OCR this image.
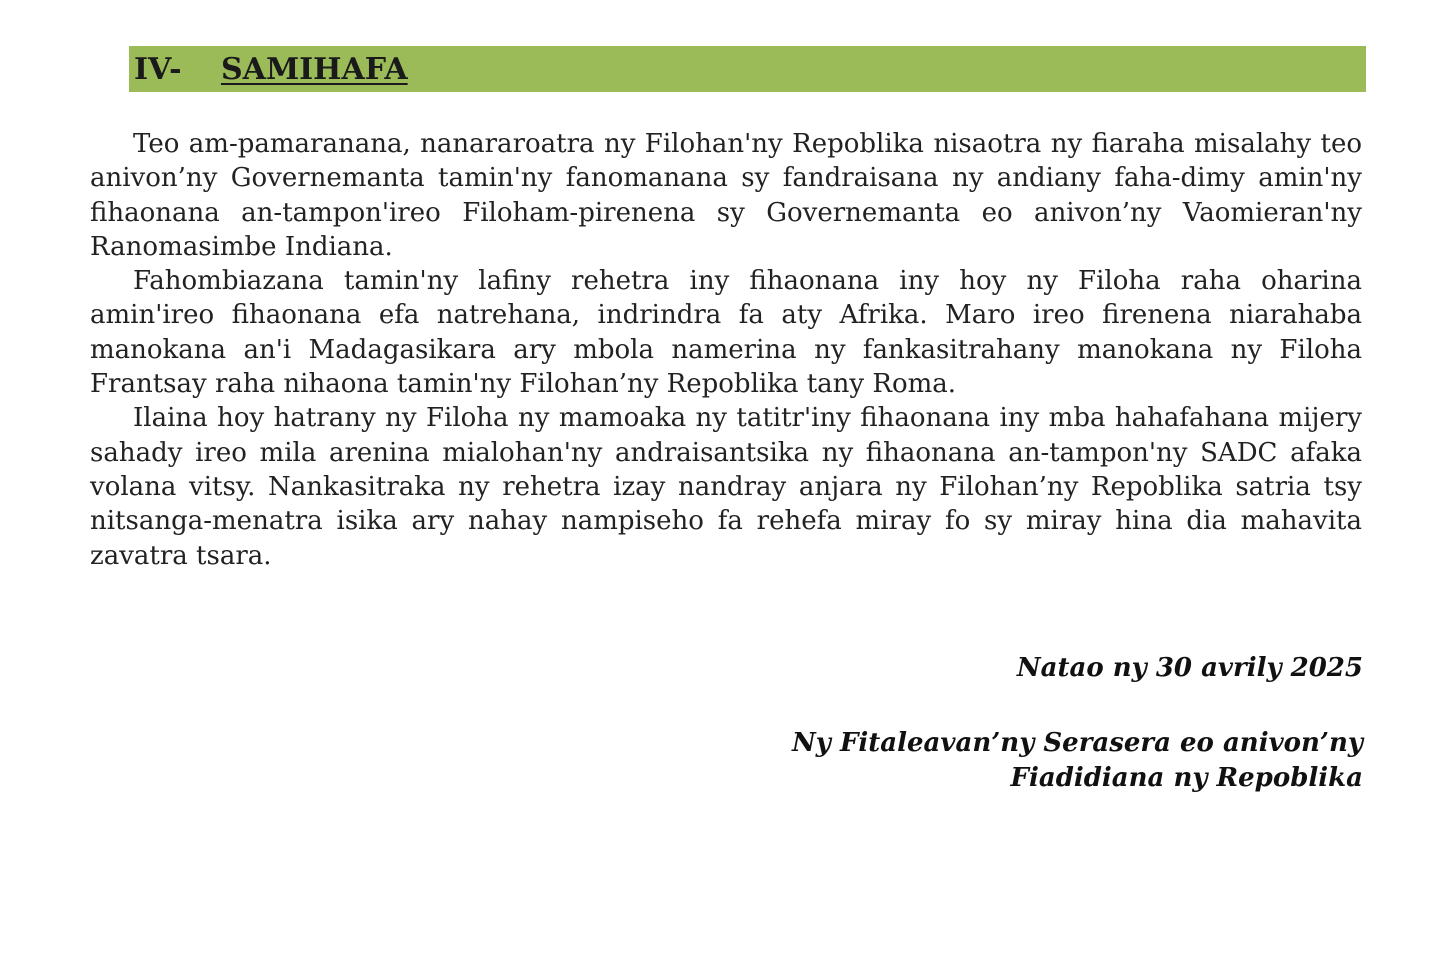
IV- SAMIHAFA

Teo am-pamaranana, nanararoatra ny Filohan'ny Repoblika nisaotra ny fiaraha misalahy teo anivon’ny Governemanta tamin'ny fanomanana sy fandraisana ny andiany faha-dimy amin'ny fihaonana an-tampon'ireo Filoham-pirenena sy Governemanta eo anivon’ny Vaomieran'ny Ranomasimbe Indiana.

Fahombiazana tamin'ny lafiny rehetra iny fihaonana iny hoy ny Filoha raha oharina amin'ireo fihaonana efa natrehana, indrindra fa aty Afrika. Maro ireo firenena niarahaba manokana an'i Madagasikara ary mbola namerina ny fankasitrahany manokana ny Filoha Frantsay raha nihaona tamin'ny Filohan’ny Repoblika tany Roma.

Ilaina hoy hatrany ny Filoha ny mamoaka ny tatitr'iny fihaonana iny mba hahafahana mijery sahady ireo mila arenina mialohan'ny andraisantsika ny fihaonana an-tampon'ny SADC afaka volana vitsy. Nankasitraka ny rehetra izay nandray anjara ny Filohan’ny Repoblika satria tsy nitsanga-menatra isika ary nahay nampiseho fa rehefa miray fo sy miray hina dia mahavita zavatra tsara.

Natao ny 30 avrily 2025
Ny Fitaleavan’ny Serasera eo anivon’ny
Fiadidiana ny Repoblika
